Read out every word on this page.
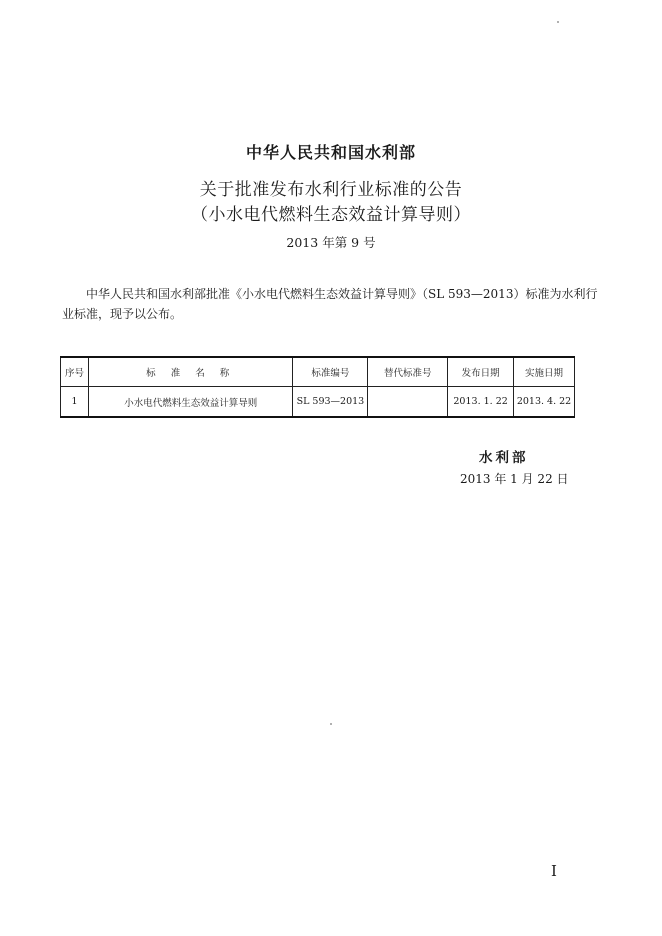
中华人民共和国水利部
关于批准发布水利行业标准的公告
（小水电代燃料生态效益计算导则）
2013 年第 9 号
中华人民共和国水利部批准《小水电代燃料生态效益计算导则》（SL 593—2013）标准为水利行业标准，现予以公布。
序号	标 准 名 称	标准编号	替代标准号	发布日期	实施日期
1	小水电代燃料生态效益计算导则	SL 593—2013		2013. 1. 22	2013. 4. 22
水利部
2013 年 1 月 22 日
I
